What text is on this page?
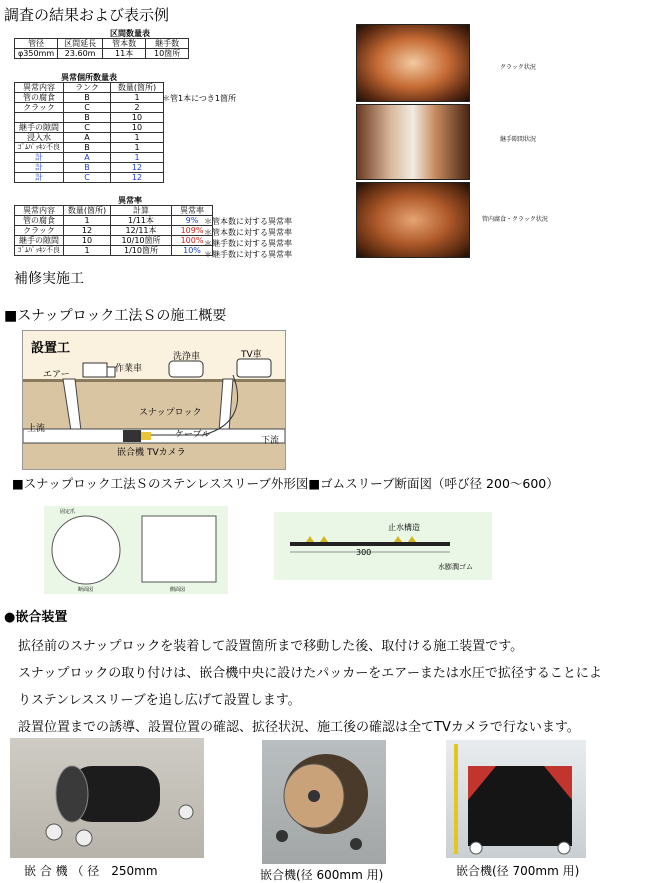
調査の結果および表示例
区間数量表
管径	区間延長	管本数	継手数
φ350mm	23.60m	11本	10箇所
異常個所数量表
異常内容	ランク	数量(箇所)
管の腐食	B	1
クラック	C	2
	B	10
継手の隙間	C	10
浸入水	A	1
ｺﾞﾑﾊﾟｯｷﾝ不良	B	1
計	A	1
計	B	12
計	C	12
＊管1本につき1箇所
異常率
異常内容	数量(箇所)	計算	異常率
管の腐食	1	1/11本	9%
クラック	12	12/11本	109%
継手の隙間	10	10/10箇所	100%
ｺﾞﾑﾊﾟｯｷﾝ不良	1	1/10箇所	10%
＊管本数に対する異常率
＊管本数に対する異常率
＊継手数に対する異常率
＊継手数に対する異常率
クラック状況
継手隙間状況
管内腐食・クラック状況
補修実施工
■スナップロック工法Ｓの施工概要
設置工
エアー
作業車
洗浄車	TV車
スナップロック
上流
ケーブル
下流
嵌合機 TVカメラ
■スナップロック工法Ｓのステンレススリーブ外形図■ゴムスリーブ断面図（呼び径 200～600）
固定爪
断面図	側面図
止水構造
300
水膨潤ゴム
●嵌合装置
拡径前のスナップロックを装着して設置箇所まで移動した後、取付ける施工装置です。
スナップロックの取り付けは、嵌合機中央に設けたパッカーをエアーまたは水圧で拡径することによ
りステンレススリーブを追し広げて設置します。
設置位置までの誘導、設置位置の確認、拡径状況、施工後の確認は全てTVカメラで行ないます。
嵌 合 機 （ 径　250mm	嵌合機(径 600mm 用)	嵌合機(径 700mm 用)
